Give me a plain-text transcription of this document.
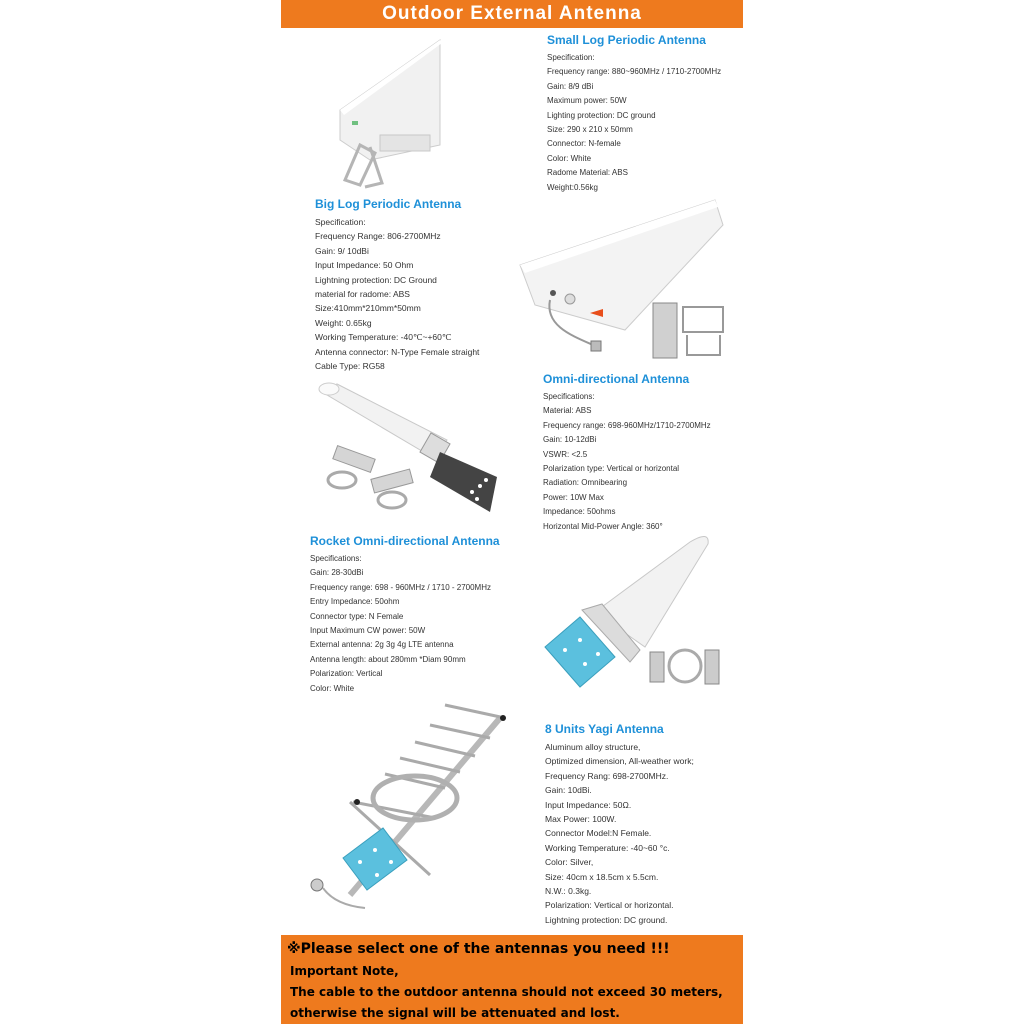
Outdoor External Antenna
Small Log Periodic Antenna
Specification:
Frequency range: 880~960MHz / 1710-2700MHz
Gain: 8/9 dBi
Maximum power: 50W
Lighting protection: DC ground
Size: 290 x 210 x 50mm
Connector: N-female
Color: White
Radome Material: ABS
Weight:0.56kg
Big Log Periodic Antenna
Specification:
Frequency Range: 806-2700MHz
Gain: 9/ 10dBi
Input Impedance: 50 Ohm
Lightning protection: DC Ground
material for radome: ABS
Size:410mm*210mm*50mm
Weight: 0.65kg
Working Temperature: -40℃~+60℃
Antenna connector: N-Type Female straight
Cable Type: RG58
Omni-directional Antenna
Specifications:
Material: ABS
Frequency range: 698-960MHz/1710-2700MHz
Gain: 10-12dBi
VSWR: <2.5
Polarization type: Vertical or horizontal
Radiation: Omnibearing
Power: 10W Max
Impedance: 50ohms
Horizontal Mid-Power Angle: 360°
Rocket Omni-directional Antenna
Specifications:
Gain: 28-30dBi
Frequency range: 698 - 960MHz / 1710 - 2700MHz
Entry Impedance: 50ohm
Connector type: N Female
Input Maximum CW power: 50W
External antenna: 2g 3g 4g LTE antenna
Antenna length: about 280mm *Diam 90mm
Polarization: Vertical
Color: White
8 Units Yagi Antenna
Aluminum alloy structure,
Optimized dimension, All-weather work;
Frequency Rang: 698-2700MHz.
Gain: 10dBi.
Input Impedance: 50Ω.
Max Power: 100W.
Connector Model:N Female.
Working Temperature: -40~60 °c.
Color: Silver,
Size: 40cm x 18.5cm x 5.5cm.
N.W.: 0.3kg.
Polarization: Vertical or horizontal.
Lightning protection: DC ground.
※Please select one of the antennas you need !!!
Important Note,
The cable to the outdoor antenna should not exceed 30 meters,
otherwise the signal will be attenuated and lost.
